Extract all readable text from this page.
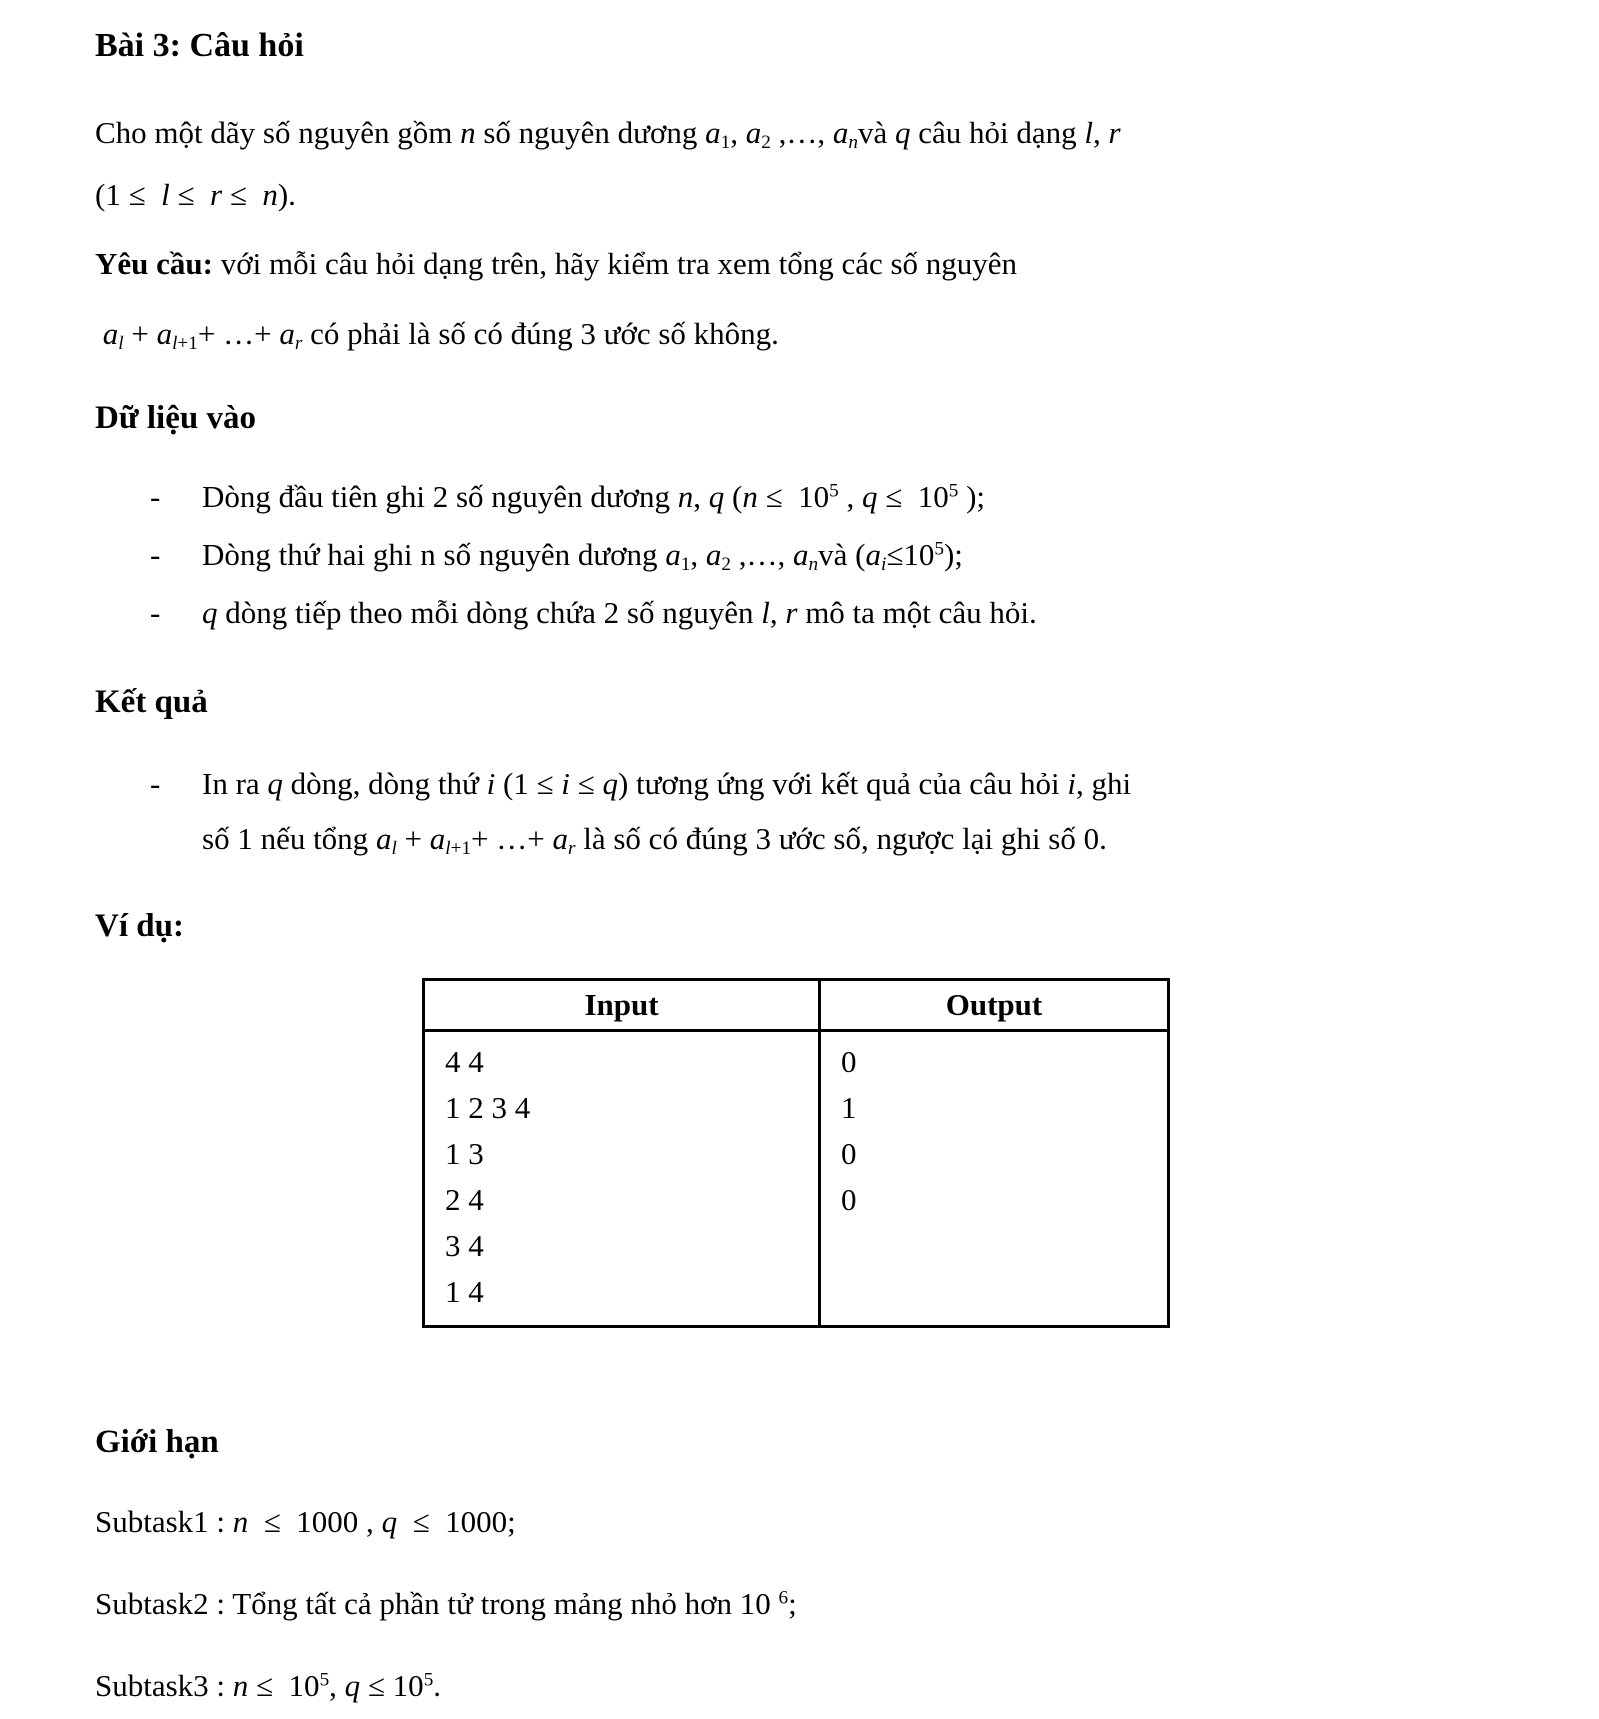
Bài 3: Câu hỏi
Cho một dãy số nguyên gồm n số nguyên dương $a_1$, $a_2$ ,…, $a_nvà$ q câu hỏi dạng l, r
(1 ≤  l ≤  r ≤  n).
Yêu cầu: với mỗi câu hỏi dạng trên, hãy kiểm tra xem tổng các số nguyên
$a_l + a_{l+1}+$ …+ $a_r$ có phải là số có đúng 3 ước số không.
Dữ liệu vào
-	Dòng đầu tiên ghi 2 số nguyên dương n, q ($n \le 10^5$ , $q \le 10^5$ );
-	Dòng thứ hai ghi n số nguyên dương $a_1$, $a_2$ ,…, $a_nvà$ $(a_i\le 10^5)$;
-	q dòng tiếp theo mỗi dòng chứa 2 số nguyên l, r mô ta một câu hỏi.
Kết quả
-	In ra q dòng, dòng thứ i (1 ≤ i ≤ q) tương ứng với kết quả của câu hỏi i, ghi
số 1 nếu tổng $a_l + a_{l+1}+$ …+ $a_r$ là số có đúng 3 ước số, ngược lại ghi số 0.
Ví dụ:
Input	Output

4 4
1 2 3 4
1 3
2 4
3 4
1 4

0
1
0
0
Giới hạn
Subtask1 : n  ≤  1000 , q  ≤  1000;
Subtask2 : Tổng tất cả phần tử trong mảng nhỏ hơn 10 $^6$;
Subtask3 : $n \le 10^5$, $q \le 10^5$.
